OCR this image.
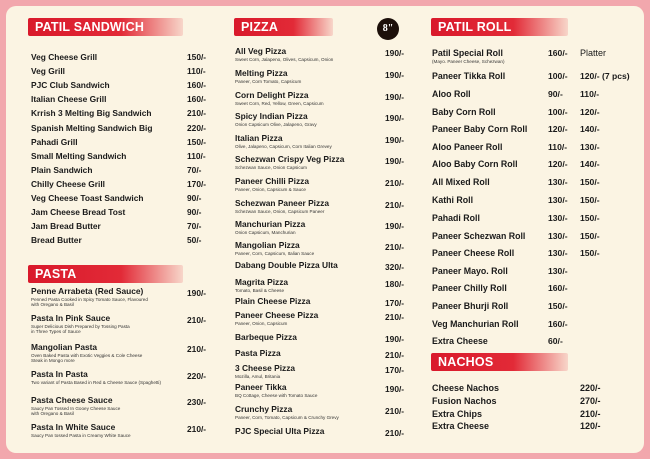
PATIL SANDWICH
Veg Cheese Grill	150/-
Veg Grill	110/-
PJC Club Sandwich	160/-
Italian Cheese Grill	160/-
Krrish 3 Melting Big Sandwich	210/-
Spanish Melting Sandwich Big	220/-
Pahadi Grill	150/-
Small Melting Sandwich	110/-
Plain Sandwich	70/-
Chilly Cheese Grill	170/-
Veg Cheese Toast Sandwich	90/-
Jam Cheese Bread Tost	90/-
Jam Bread Butter	70/-
Bread Butter	50/-
PASTA
Penne Arrabeta (Red Sauce)	190/-
Penned Pasta Cooked in Spicy Tomato Sauce, Flavoured
with Oregano & Basil
Pasta In Pink Sauce	210/-
Super Delicious Dish Prepared by Tossing Pasta
in Three Types of Sauce
Mangolian Pasta	210/-
Oven Baked Pasta with Exotic Veggies & Cole Cheese
Steak in Mongo more
Pasta In Pasta	220/-
Two variant of Pasta Based in Red & Cheese Sauce (Spaghetti)
Pasta Cheese Sauce	230/-
Saucy Pan Tossed In Gooey Cheese Sauce
with Oregano & Basil
Pasta In White Sauce	210/-
Saucy Pan tossed Pasta in Creamy White Sauce
PIZZA	8"
All Veg Pizza	190/-
Sweet Corn, Jalapeno, Olives, Capsicum, Onion
Melting Pizza	190/-
Paneer, Corn Tomato, Capsicum
Corn Delight Pizza	190/-
Sweet Corn, Red, Yellow, Green, Capsicum
Spicy Indian Pizza	190/-
Onion Capsicum Olive, Jalapeno, Gravy
Italian Pizza	190/-
Olive, Jalapeno, Capsicum, Corn Italian Grevey
Schezwan Crispy Veg Pizza	190/-
Schezwan Sauce, Onion Capsicum
Paneer Chilli Pizza	210/-
Paneer, Onion, Capsicum & Sauce
Schezwan Paneer Pizza	210/-
Schezwan Sauce, Onion, Capsicum Paneer
Manchurian Pizza	190/-
Onion Capsicum, Manchurian
Mangolian Pizza	210/-
Paneer, Corn, Capsicum, Italian Sauce
Dabang Double Pizza Ulta	320/-
Magrita Pizza	180/-
Tomato, Basil & Cheese
Plain Cheese Pizza	170/-
Paneer Cheese Pizza	210/-
Paneer, Onion, Capsicum
Barbeque Pizza	190/-
Pasta Pizza	210/-
3 Cheese Pizza	170/-
Mozilla, Amul, Britania
Paneer Tikka	190/-
BQ Cottage, Cheese with Tomato Sauce
Crunchy Pizza	210/-
Paneer, Corn, Tomato, Capsicum & Crunchy Grevy
PJC Special Ulta Pizza	210/-
PATIL ROLL
Platter
Patil Special Roll	160/-
(Mayo. Paneer Cheese, Schezwan)
Paneer Tikka Roll	100/- 120/- (7 pcs)
Aloo Roll	90/- 110/-
Baby Corn Roll	100/- 120/-
Paneer Baby Corn Roll 120/- 140/-
Aloo Paneer Roll	110/- 130/-
Aloo Baby Corn Roll	120/- 140/-
All Mixed Roll	130/- 150/-
Kathi Roll	130/- 150/-
Pahadi Roll	130/- 150/-
Paneer Schezwan Roll	130/- 150/-
Paneer Cheese Roll	130/- 150/-
Paneer Mayo. Roll	130/-
Paneer Chilly Roll	160/-
Paneer Bhurji Roll	150/-
Veg Manchurian Roll	160/-
Extra Cheese	60/-
NACHOS
Cheese Nachos	220/-
Fusion Nachos	270/-
Extra Chips	210/-
Extra Cheese	120/-
